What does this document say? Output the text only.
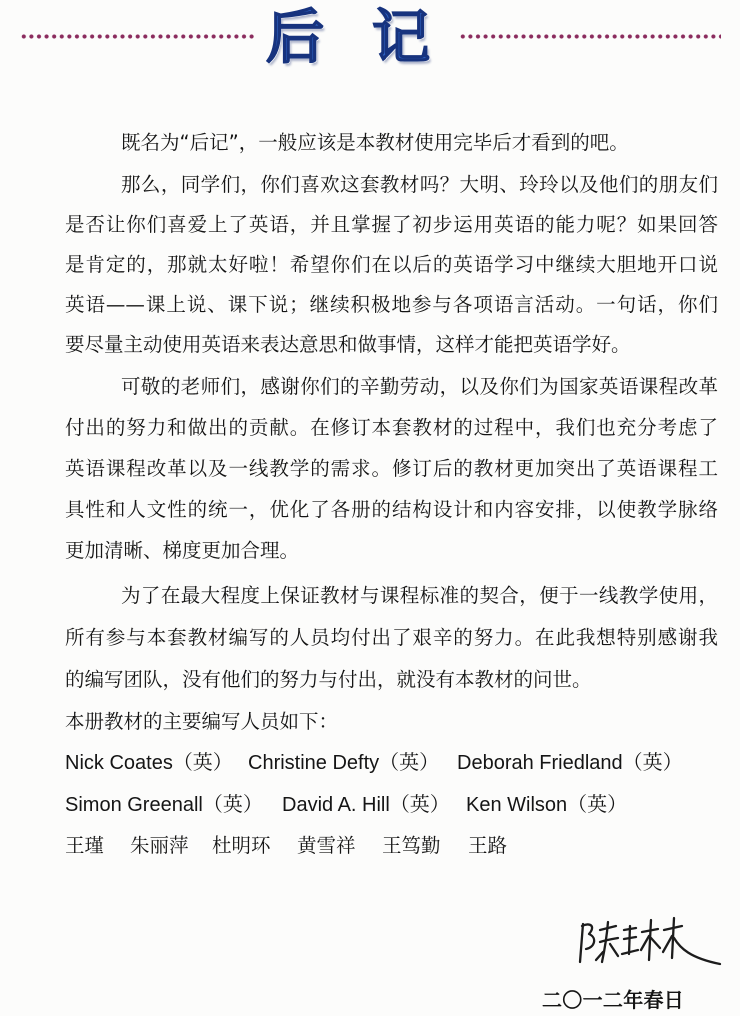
后 记
既名为“后记”，一般应该是本教材使用完毕后才看到的吧。
那么，同学们，你们喜欢这套教材吗？大明、玲玲以及他们的朋友们
是否让你们喜爱上了英语，并且掌握了初步运用英语的能力呢？如果回答
是肯定的，那就太好啦！希望你们在以后的英语学习中继续大胆地开口说
英语——课上说、课下说；继续积极地参与各项语言活动。一句话，你们
要尽量主动使用英语来表达意思和做事情，这样才能把英语学好。
可敬的老师们，感谢你们的辛勤劳动，以及你们为国家英语课程改革
付出的努力和做出的贡献。在修订本套教材的过程中，我们也充分考虑了
英语课程改革以及一线教学的需求。修订后的教材更加突出了英语课程工
具性和人文性的统一，优化了各册的结构设计和内容安排，以使教学脉络
更加清晰、梯度更加合理。
为了在最大程度上保证教材与课程标准的契合，便于一线教学使用，
所有参与本套教材编写的人员均付出了艰辛的努力。在此我想特别感谢我
的编写团队，没有他们的努力与付出，就没有本教材的问世。
本册教材的主要编写人员如下：
Nick Coates（英） Christine Defty（英） Deborah Friedland（英）
Simon Greenall（英） David A. Hill（英） Ken Wilson（英）
王瑾 朱丽萍 杜明环 黄雪祥 王笃勤 王路
二〇一二年春日
